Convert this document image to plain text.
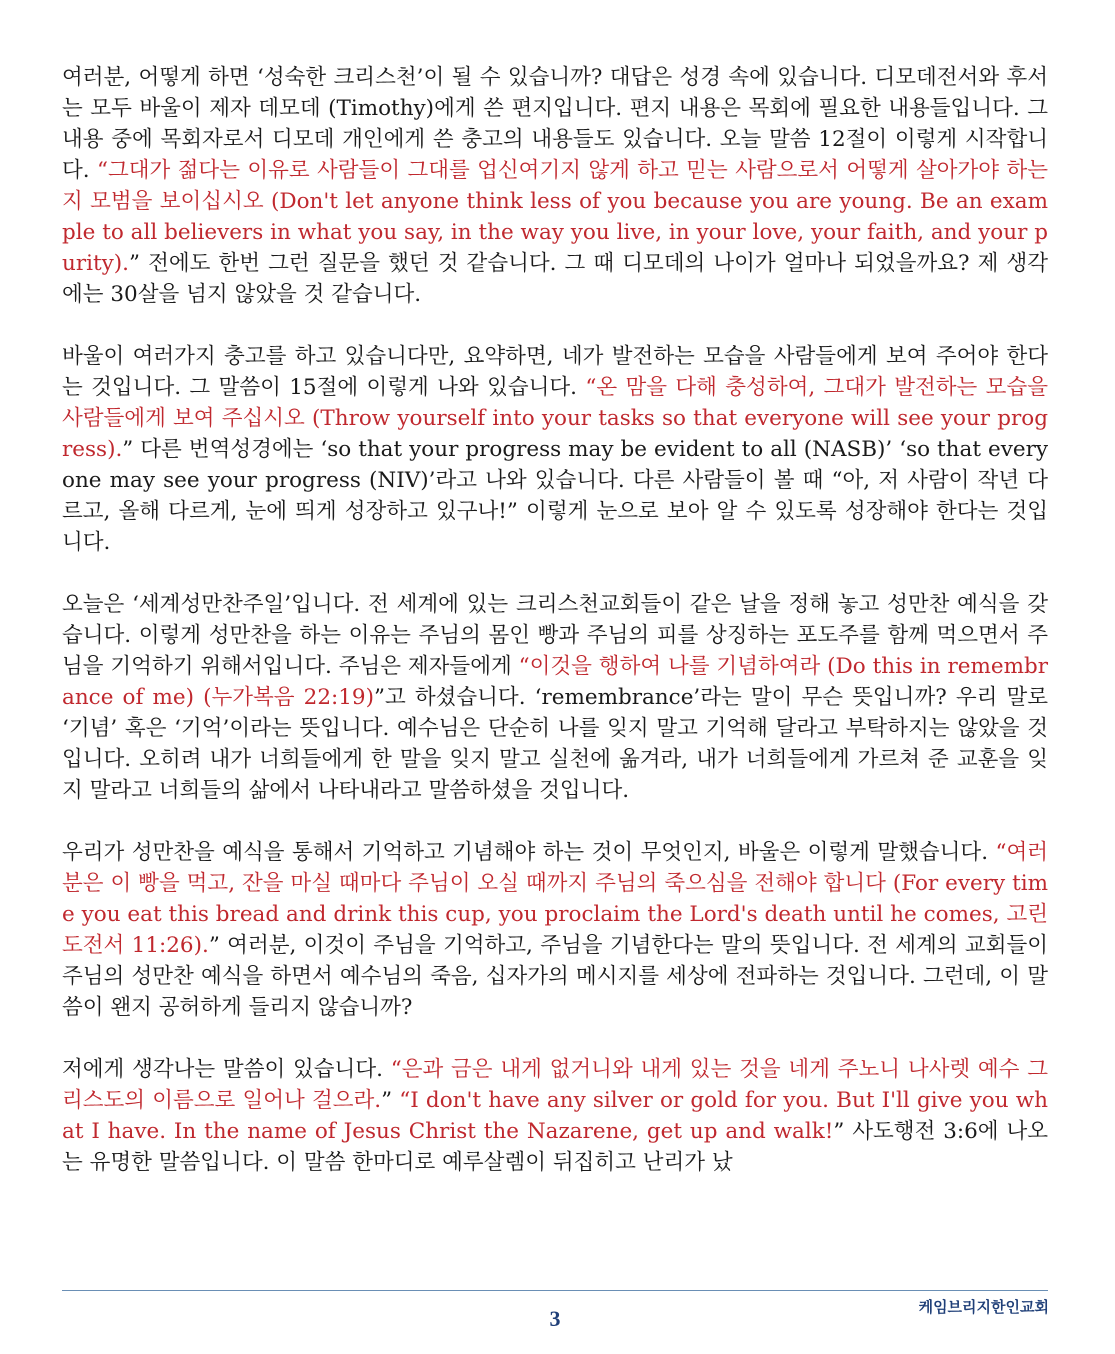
여러분, 어떻게 하면 ‘성숙한 크리스천’이 될 수 있습니까? 대답은 성경 속에 있습니다. 디모데전서와 후서는 모두 바울이 제자 데모데 (Timothy)에게 쓴 편지입니다. 편지 내용은 목회에 필요한 내용들입니다. 그 내용 중에 목회자로서 디모데 개인에게 쓴 충고의 내용들도 있습니다. 오늘 말씀 12절이 이렇게 시작합니다. “그대가 젊다는 이유로 사람들이 그대를 업신여기지 않게 하고 믿는 사람으로서 어떻게 살아가야 하는지 모범을 보이십시오 (Don't let anyone think less of you because you are young. Be an example to all believers in what you say, in the way you live, in your love, your faith, and your purity).” 전에도 한번 그런 질문을 했던 것 같습니다. 그 때 디모데의 나이가 얼마나 되었을까요? 제 생각에는 30살을 넘지 않았을 것 같습니다.

바울이 여러가지 충고를 하고 있습니다만, 요약하면, 네가 발전하는 모습을 사람들에게 보여 주어야 한다는 것입니다. 그 말씀이 15절에 이렇게 나와 있습니다. “온 맘을 다해 충성하여, 그대가 발전하는 모습을 사람들에게 보여 주십시오 (Throw yourself into your tasks so that everyone will see your progress).” 다른 번역성경에는 ‘so that your progress may be evident to all (NASB)’ ‘so that everyone may see your progress (NIV)’라고 나와 있습니다. 다른 사람들이 볼 때 “아, 저 사람이 작년 다르고, 올해 다르게, 눈에 띄게 성장하고 있구나!” 이렇게 눈으로 보아 알 수 있도록 성장해야 한다는 것입니다.

오늘은 ‘세계성만찬주일’입니다. 전 세계에 있는 크리스천교회들이 같은 날을 정해 놓고 성만찬 예식을 갖습니다. 이렇게 성만찬을 하는 이유는 주님의 몸인 빵과 주님의 피를 상징하는 포도주를 함께 먹으면서 주님을 기억하기 위해서입니다. 주님은 제자들에게 “이것을 행하여 나를 기념하여라 (Do this in remembrance of me) (누가복음 22:19)”고 하셨습니다. ‘remembrance’라는 말이 무슨 뜻입니까? 우리 말로 ‘기념’ 혹은 ‘기억’이라는 뜻입니다. 예수님은 단순히 나를 잊지 말고 기억해 달라고 부탁하지는 않았을 것입니다. 오히려 내가 너희들에게 한 말을 잊지 말고 실천에 옮겨라, 내가 너희들에게 가르쳐 준 교훈을 잊지 말라고 너희들의 삶에서 나타내라고 말씀하셨을 것입니다.

우리가 성만찬을 예식을 통해서 기억하고 기념해야 하는 것이 무엇인지, 바울은 이렇게 말했습니다. “여러분은 이 빵을 먹고, 잔을 마실 때마다 주님이 오실 때까지 주님의 죽으심을 전해야 합니다 (For every time you eat this bread and drink this cup, you proclaim the Lord's death until he comes, 고린도전서 11:26).” 여러분, 이것이 주님을 기억하고, 주님을 기념한다는 말의 뜻입니다. 전 세계의 교회들이 주님의 성만찬 예식을 하면서 예수님의 죽음, 십자가의 메시지를 세상에 전파하는 것입니다. 그런데, 이 말씀이 왠지 공허하게 들리지 않습니까?

저에게 생각나는 말씀이 있습니다. “은과 금은 내게 없거니와 내게 있는 것을 네게 주노니 나사렛 예수 그리스도의 이름으로 일어나 걸으라.” “I don't have any silver or gold for you. But I'll give you what I have. In the name of Jesus Christ the Nazarene, get up and walk!” 사도행전 3:6에 나오는 유명한 말씀입니다. 이 말씀 한마디로 예루살렘이 뒤집히고 난리가 났

3	케임브리지한인교회
